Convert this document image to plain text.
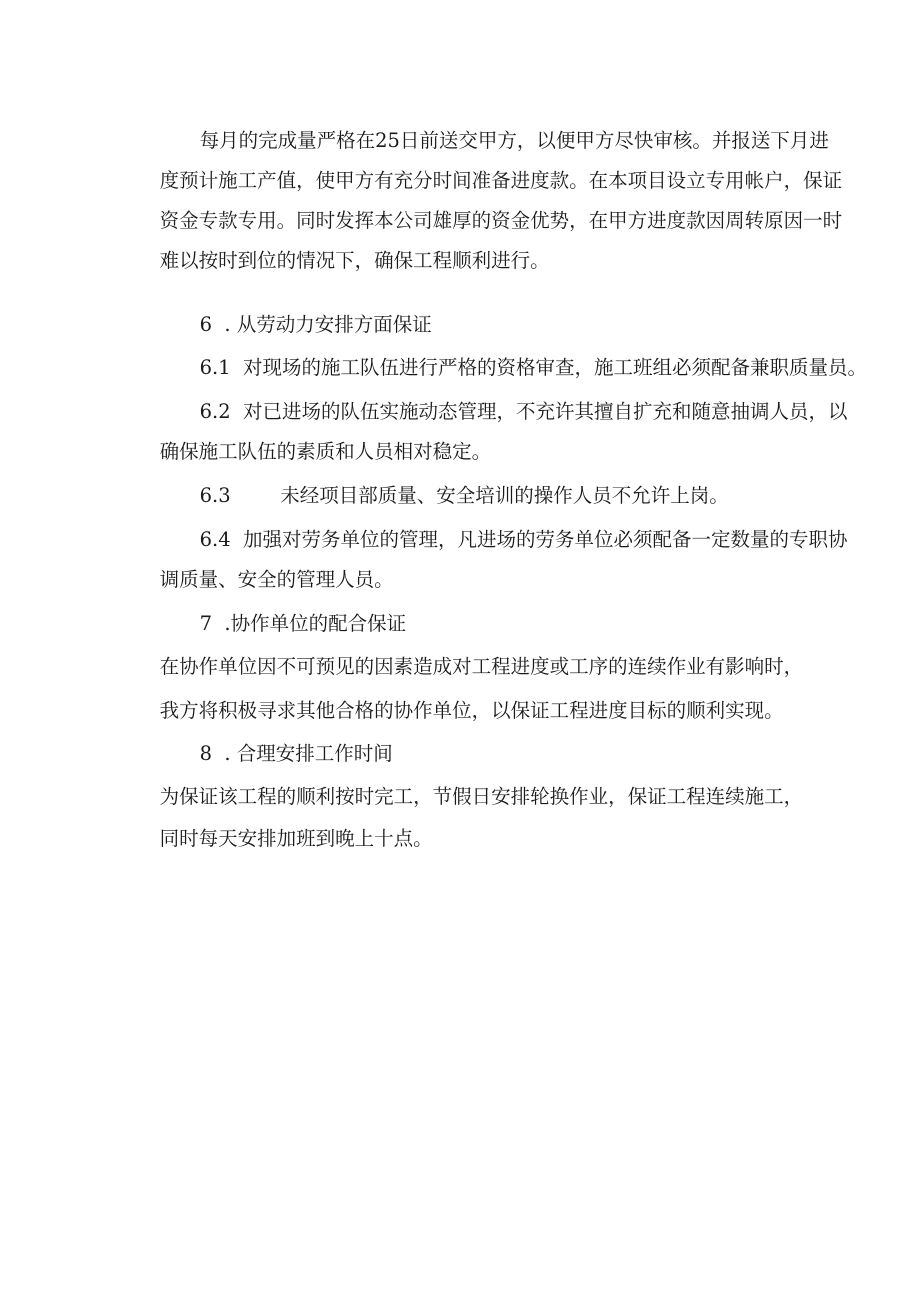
每月的完成量严格在25日前送交甲方，以便甲方尽快审核。并报送下月进

度预计施工产值，使甲方有充分时间准备进度款。在本项目设立专用帐户，保证

资金专款专用。同时发挥本公司雄厚的资金优势，在甲方进度款因周转原因一时

难以按时到位的情况下，确保工程顺利进行。

6  . 从劳动力安排方面保证

6.1  对现场的施工队伍进行严格的资格审查，施工班组必须配备兼职质量员。

6.2  对已进场的队伍实施动态管理，不充许其擅自扩充和随意抽调人员，以

确保施工队伍的素质和人员相对稳定。

6.3        未经项目部质量、安全培训的操作人员不允许上岗。

6.4  加强对劳务单位的管理，凡进场的劳务单位必须配备一定数量的专职协

调质量、安全的管理人员。

7  .协作单位的配合保证

在协作单位因不可预见的因素造成对工程进度或工序的连续作业有影响时，

我方将积极寻求其他合格的协作单位，以保证工程进度目标的顺利实现。

8  . 合理安排工作时间

为保证该工程的顺利按时完工，节假日安排轮换作业，保证工程连续施工，

同时每天安排加班到晚上十点。
